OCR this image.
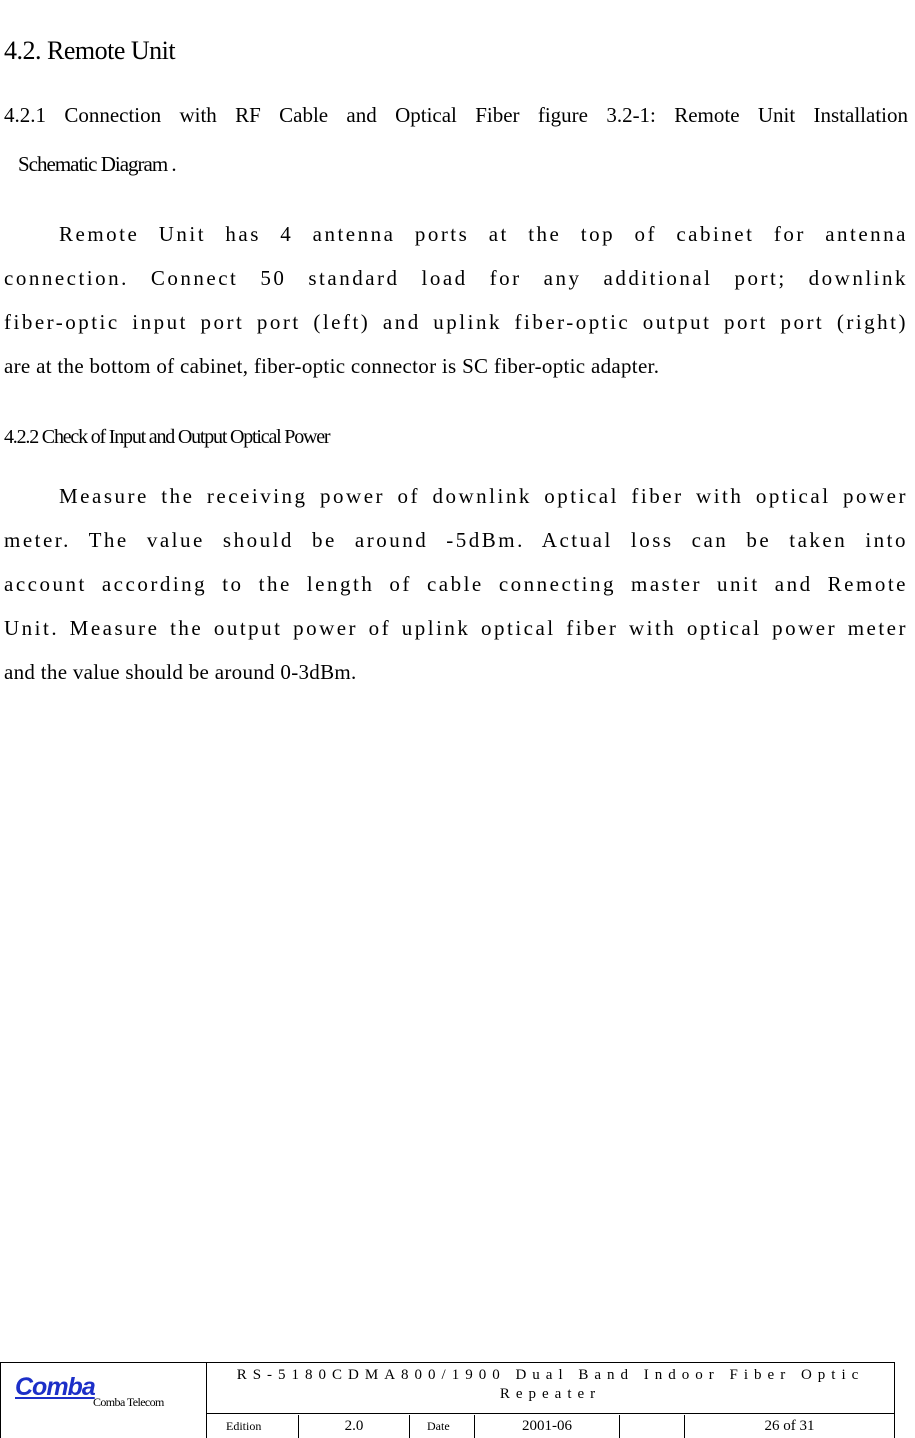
4.2. Remote Unit
4.2.1 Connection with RF Cable and Optical Fiber figure 3.2-1: Remote Unit Installation
Schematic Diagram .
Remote Unit has 4 antenna ports at the top of cabinet for antenna
connection. Connect 50 standard load for any additional port; downlink
fiber-optic input port port (left) and uplink fiber-optic output port port (right)
are at the bottom of cabinet, fiber-optic connector is SC fiber-optic adapter.
4.2.2 Check of Input and Output Optical Power
Measure the receiving power of downlink optical fiber with optical power
meter. The value should be around -5dBm. Actual loss can be taken into
account according to the length of cable connecting master unit and Remote
Unit. Measure the output power of uplink optical fiber with optical power meter
and the value should be around 0-3dBm.
Comba
Comba Telecom
RS-5180CDMA800/1900 Dual Band Indoor Fiber Optic Repeater
Edition	2.0	Date	2001-06	26 of 31
